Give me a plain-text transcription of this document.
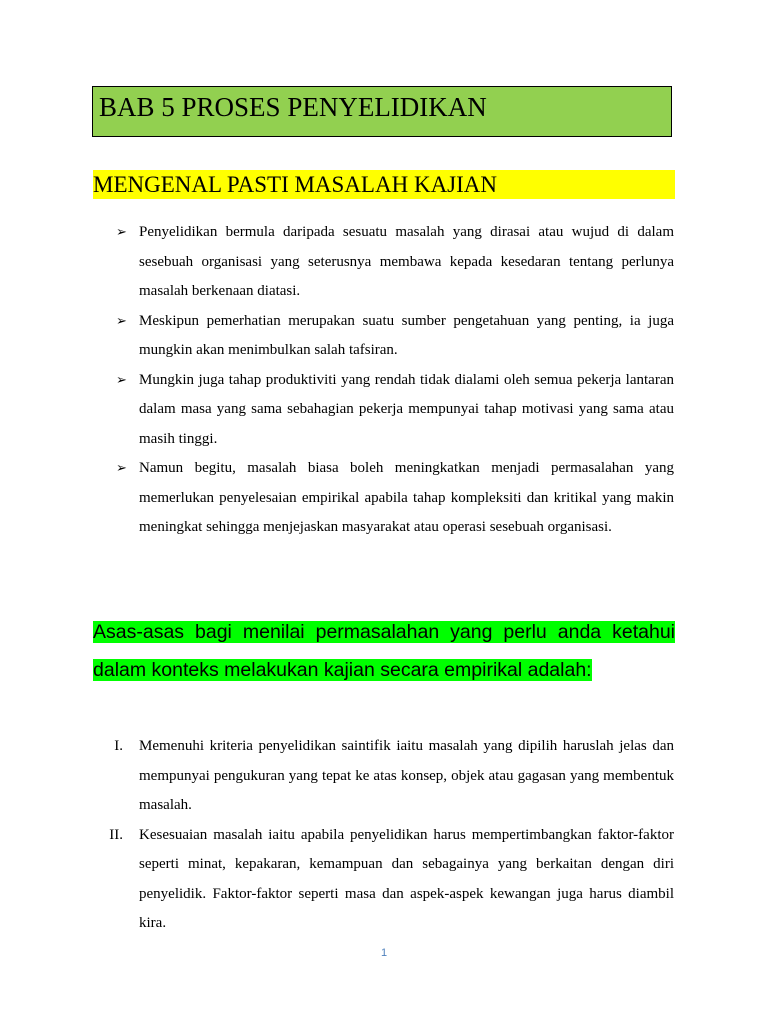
BAB 5 PROSES PENYELIDIKAN
MENGENAL PASTI MASALAH KAJIAN
➢ Penyelidikan bermula daripada sesuatu masalah yang dirasai atau wujud di dalam sesebuah organisasi yang seterusnya membawa kepada kesedaran tentang perlunya masalah berkenaan diatasi.
➢ Meskipun pemerhatian merupakan suatu sumber pengetahuan yang penting, ia juga mungkin akan menimbulkan salah tafsiran.
➢ Mungkin juga tahap produktiviti yang rendah tidak dialami oleh semua pekerja lantaran dalam masa yang sama sebahagian pekerja mempunyai tahap motivasi yang sama atau masih tinggi.
➢ Namun begitu, masalah biasa boleh meningkatkan menjadi permasalahan yang memerlukan penyelesaian empirikal apabila tahap kompleksiti dan kritikal yang makin meningkat sehingga menjejaskan masyarakat atau operasi sesebuah organisasi.

Asas-asas bagi menilai permasalahan yang perlu anda ketahui dalam konteks melakukan kajian secara empirikal adalah:

I. Memenuhi kriteria penyelidikan saintifik iaitu masalah yang dipilih haruslah jelas dan mempunyai pengukuran yang tepat ke atas konsep, objek atau gagasan yang membentuk masalah.
II. Kesesuaian masalah iaitu apabila penyelidikan harus mempertimbangkan faktor-faktor seperti minat, kepakaran, kemampuan dan sebagainya yang berkaitan dengan diri penyelidik. Faktor-faktor seperti masa dan aspek-aspek kewangan juga harus diambil kira.
1
